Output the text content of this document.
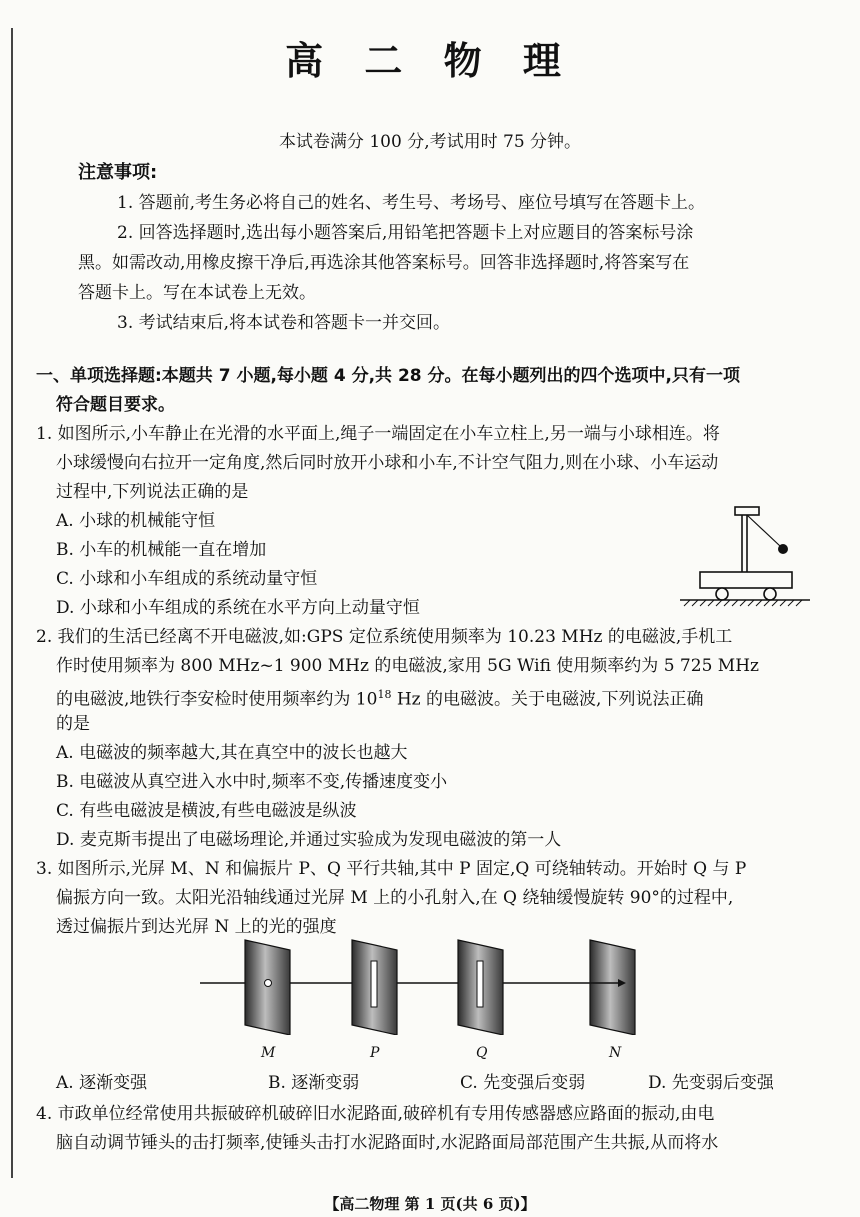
高 二 物 理
本试卷满分 100 分,考试用时 75 分钟。
注意事项:
1. 答题前,考生务必将自己的姓名、考生号、考场号、座位号填写在答题卡上。
2. 回答选择题时,选出每小题答案后,用铅笔把答题卡上对应题目的答案标号涂
黑。如需改动,用橡皮擦干净后,再选涂其他答案标号。回答非选择题时,将答案写在
答题卡上。写在本试卷上无效。
3. 考试结束后,将本试卷和答题卡一并交回。
一、单项选择题:本题共 7 小题,每小题 4 分,共 28 分。在每小题列出的四个选项中,只有一项
符合题目要求。
1. 如图所示,小车静止在光滑的水平面上,绳子一端固定在小车立柱上,另一端与小球相连。将
小球缓慢向右拉开一定角度,然后同时放开小球和小车,不计空气阻力,则在小球、小车运动
过程中,下列说法正确的是
A. 小球的机械能守恒
B. 小车的机械能一直在增加
C. 小球和小车组成的系统动量守恒
D. 小球和小车组成的系统在水平方向上动量守恒
2. 我们的生活已经离不开电磁波,如:GPS 定位系统使用频率为 10.23 MHz 的电磁波,手机工
作时使用频率为 800 MHz~1 900 MHz 的电磁波,家用 5G Wifi 使用频率约为 5 725 MHz
的电磁波,地铁行李安检时使用频率约为 $10^{18}$ Hz 的电磁波。关于电磁波,下列说法正确
的是
A. 电磁波的频率越大,其在真空中的波长也越大
B. 电磁波从真空进入水中时,频率不变,传播速度变小
C. 有些电磁波是横波,有些电磁波是纵波
D. 麦克斯韦提出了电磁场理论,并通过实验成为发现电磁波的第一人
3. 如图所示,光屏 M、N 和偏振片 P、Q 平行共轴,其中 P 固定,Q 可绕轴转动。开始时 Q 与 P
偏振方向一致。太阳光沿轴线通过光屏 M 上的小孔射入,在 Q 绕轴缓慢旋转 90°的过程中,
透过偏振片到达光屏 N 上的光的强度
M	P	Q	N
A. 逐渐变强	B. 逐渐变弱	C. 先变强后变弱	D. 先变弱后变强
4. 市政单位经常使用共振破碎机破碎旧水泥路面,破碎机有专用传感器感应路面的振动,由电
脑自动调节锤头的击打频率,使锤头击打水泥路面时,水泥路面局部范围产生共振,从而将水
【高二物理 第 1 页(共 6 页)】
